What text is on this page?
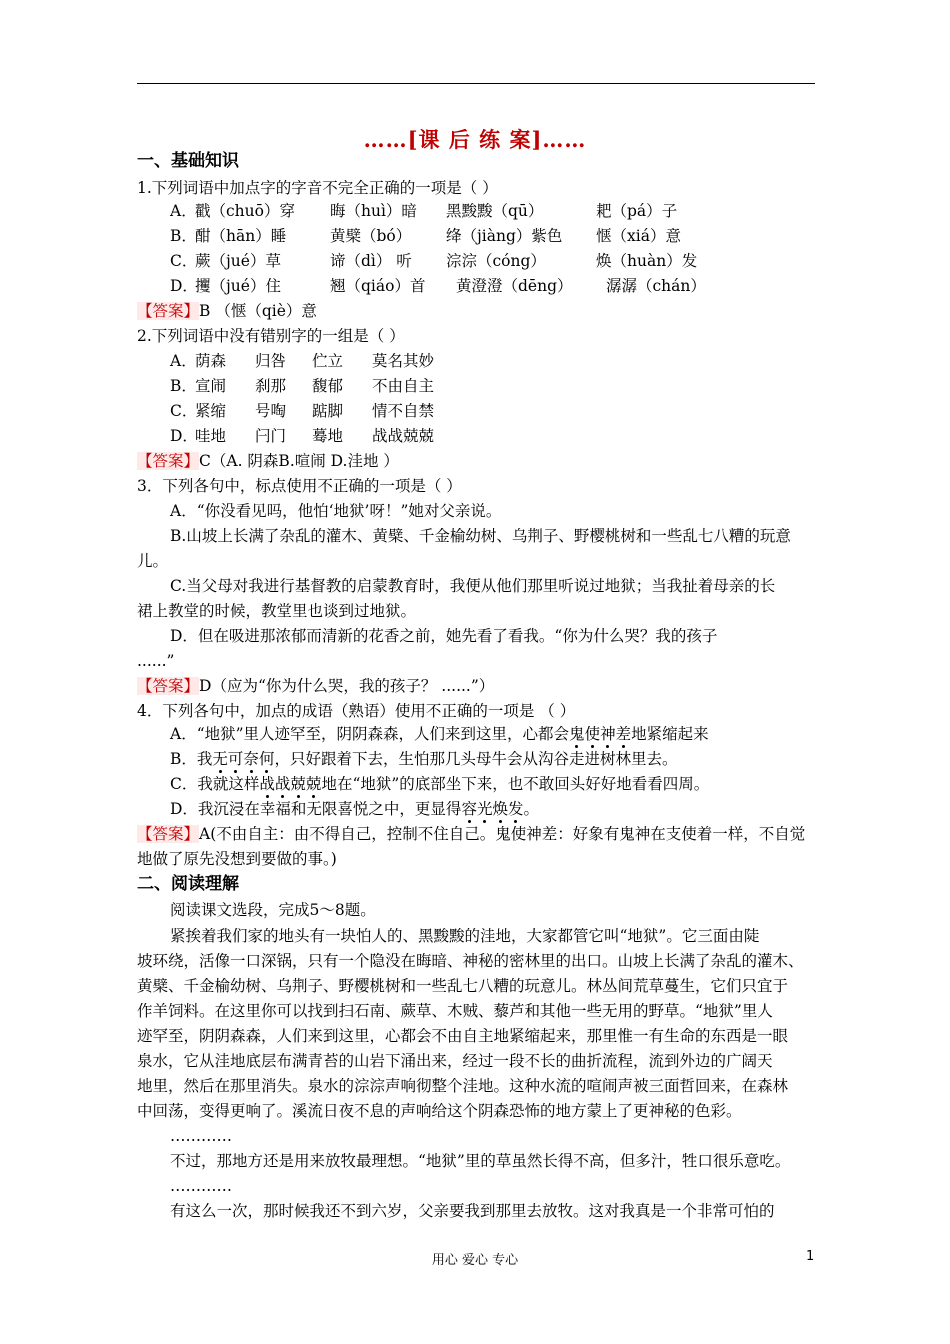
……[课 后 练 案]……
一、基础知识
1.下列词语中加点字的字音不完全正确的一项是（ ）
A．
戳（chuō）穿 晦（huì）暗 黑黢黢（qū）	耙（pá）子
B．
酣（hān）睡	黄檗（bó） 绛（jiàng）紫色 惬（xiá）意
C．
蕨（jué）草	谛（dì） 听 淙淙（cóng）	焕（huàn）发
D．
攫（jué）住	翘（qiáo）首 黄澄澄（dēng） 潺潺（chán）
【答案】B （惬（qiè）意
2.下列词语中没有错别字的一组是（ ）
A．
荫森 归咎 伫立 莫名其妙
B．
宣闹 刹那 馥郁 不由自主
C．
紧缩 号啕 踮脚 情不自禁
D．
哇地 闩门 蓦地 战战兢兢
【答案】C（A. 阴森B.喧闹 D.洼地 ）
3．下列各句中，标点使用不正确的一项是（ ）
A．“你没看见吗，他怕‘地狱’呀！”她对父亲说。
B.山坡上长满了杂乱的灌木、黄檗、千金榆幼树、乌荆子、野樱桃树和一些乱七八糟的玩意
儿。
C.当父母对我进行基督教的启蒙教育时，我便从他们那里听说过地狱；当我扯着母亲的长
裙上教堂的时候，教堂里也谈到过地狱。
D．但在吸进那浓郁而清新的花香之前，她先看了看我。“你为什么哭？我的孩子
......”
【答案】D（应为“你为什么哭，我的孩子？ ......”）
4．下列各句中，加点的成语（熟语）使用不正确的一项是 （ ）
A．“地狱”里人迹罕至，阴阴森森，人们来到这里，心都会鬼使神差地紧缩起来
B．我无可奈何，只好跟着下去，生怕那几头母牛会从沟谷走进树林里去。
C．我就这样战战兢兢地在“地狱”的底部坐下来，也不敢回头好好地看看四周。
D．我沉浸在幸福和无限喜悦之中，更显得容光焕发。
【答案】A(不由自主：由不得自己，控制不住自己。鬼使神差：好象有鬼神在支使着一样，不自觉
地做了原先没想到要做的事。)
二、阅读理解
阅读课文选段，完成5～8题。
紧挨着我们家的地头有一块怕人的、黑黢黢的洼地，大家都管它叫“地狱”。它三面由陡
坡环绕，活像一口深锅，只有一个隐没在晦暗、神秘的密林里的出口。山坡上长满了杂乱的灌木、
黄檗、千金榆幼树、乌荆子、野樱桃树和一些乱七八糟的玩意儿。林丛间荒草蔓生，它们只宜于
作羊饲料。在这里你可以找到扫石南、蕨草、木贼、藜芦和其他一些无用的野草。“地狱”里人
迹罕至，阴阴森森，人们来到这里，心都会不由自主地紧缩起来，那里惟一有生命的东西是一眼
泉水，它从洼地底层布满青苔的山岩下涌出来，经过一段不长的曲折流程，流到外边的广阔天
地里，然后在那里消失。泉水的淙淙声响彻整个洼地。这种水流的喧闹声被三面哲回来，在森林
中回荡，变得更响了。溪流日夜不息的声响给这个阴森恐怖的地方蒙上了更神秘的色彩。
…………
不过，那地方还是用来放牧最理想。“地狱”里的草虽然长得不高，但多汁，牲口很乐意吃。
…………
有这么一次，那时候我还不到六岁，父亲要我到那里去放牧。这对我真是一个非常可怕的
用心 爱心 专心	1
